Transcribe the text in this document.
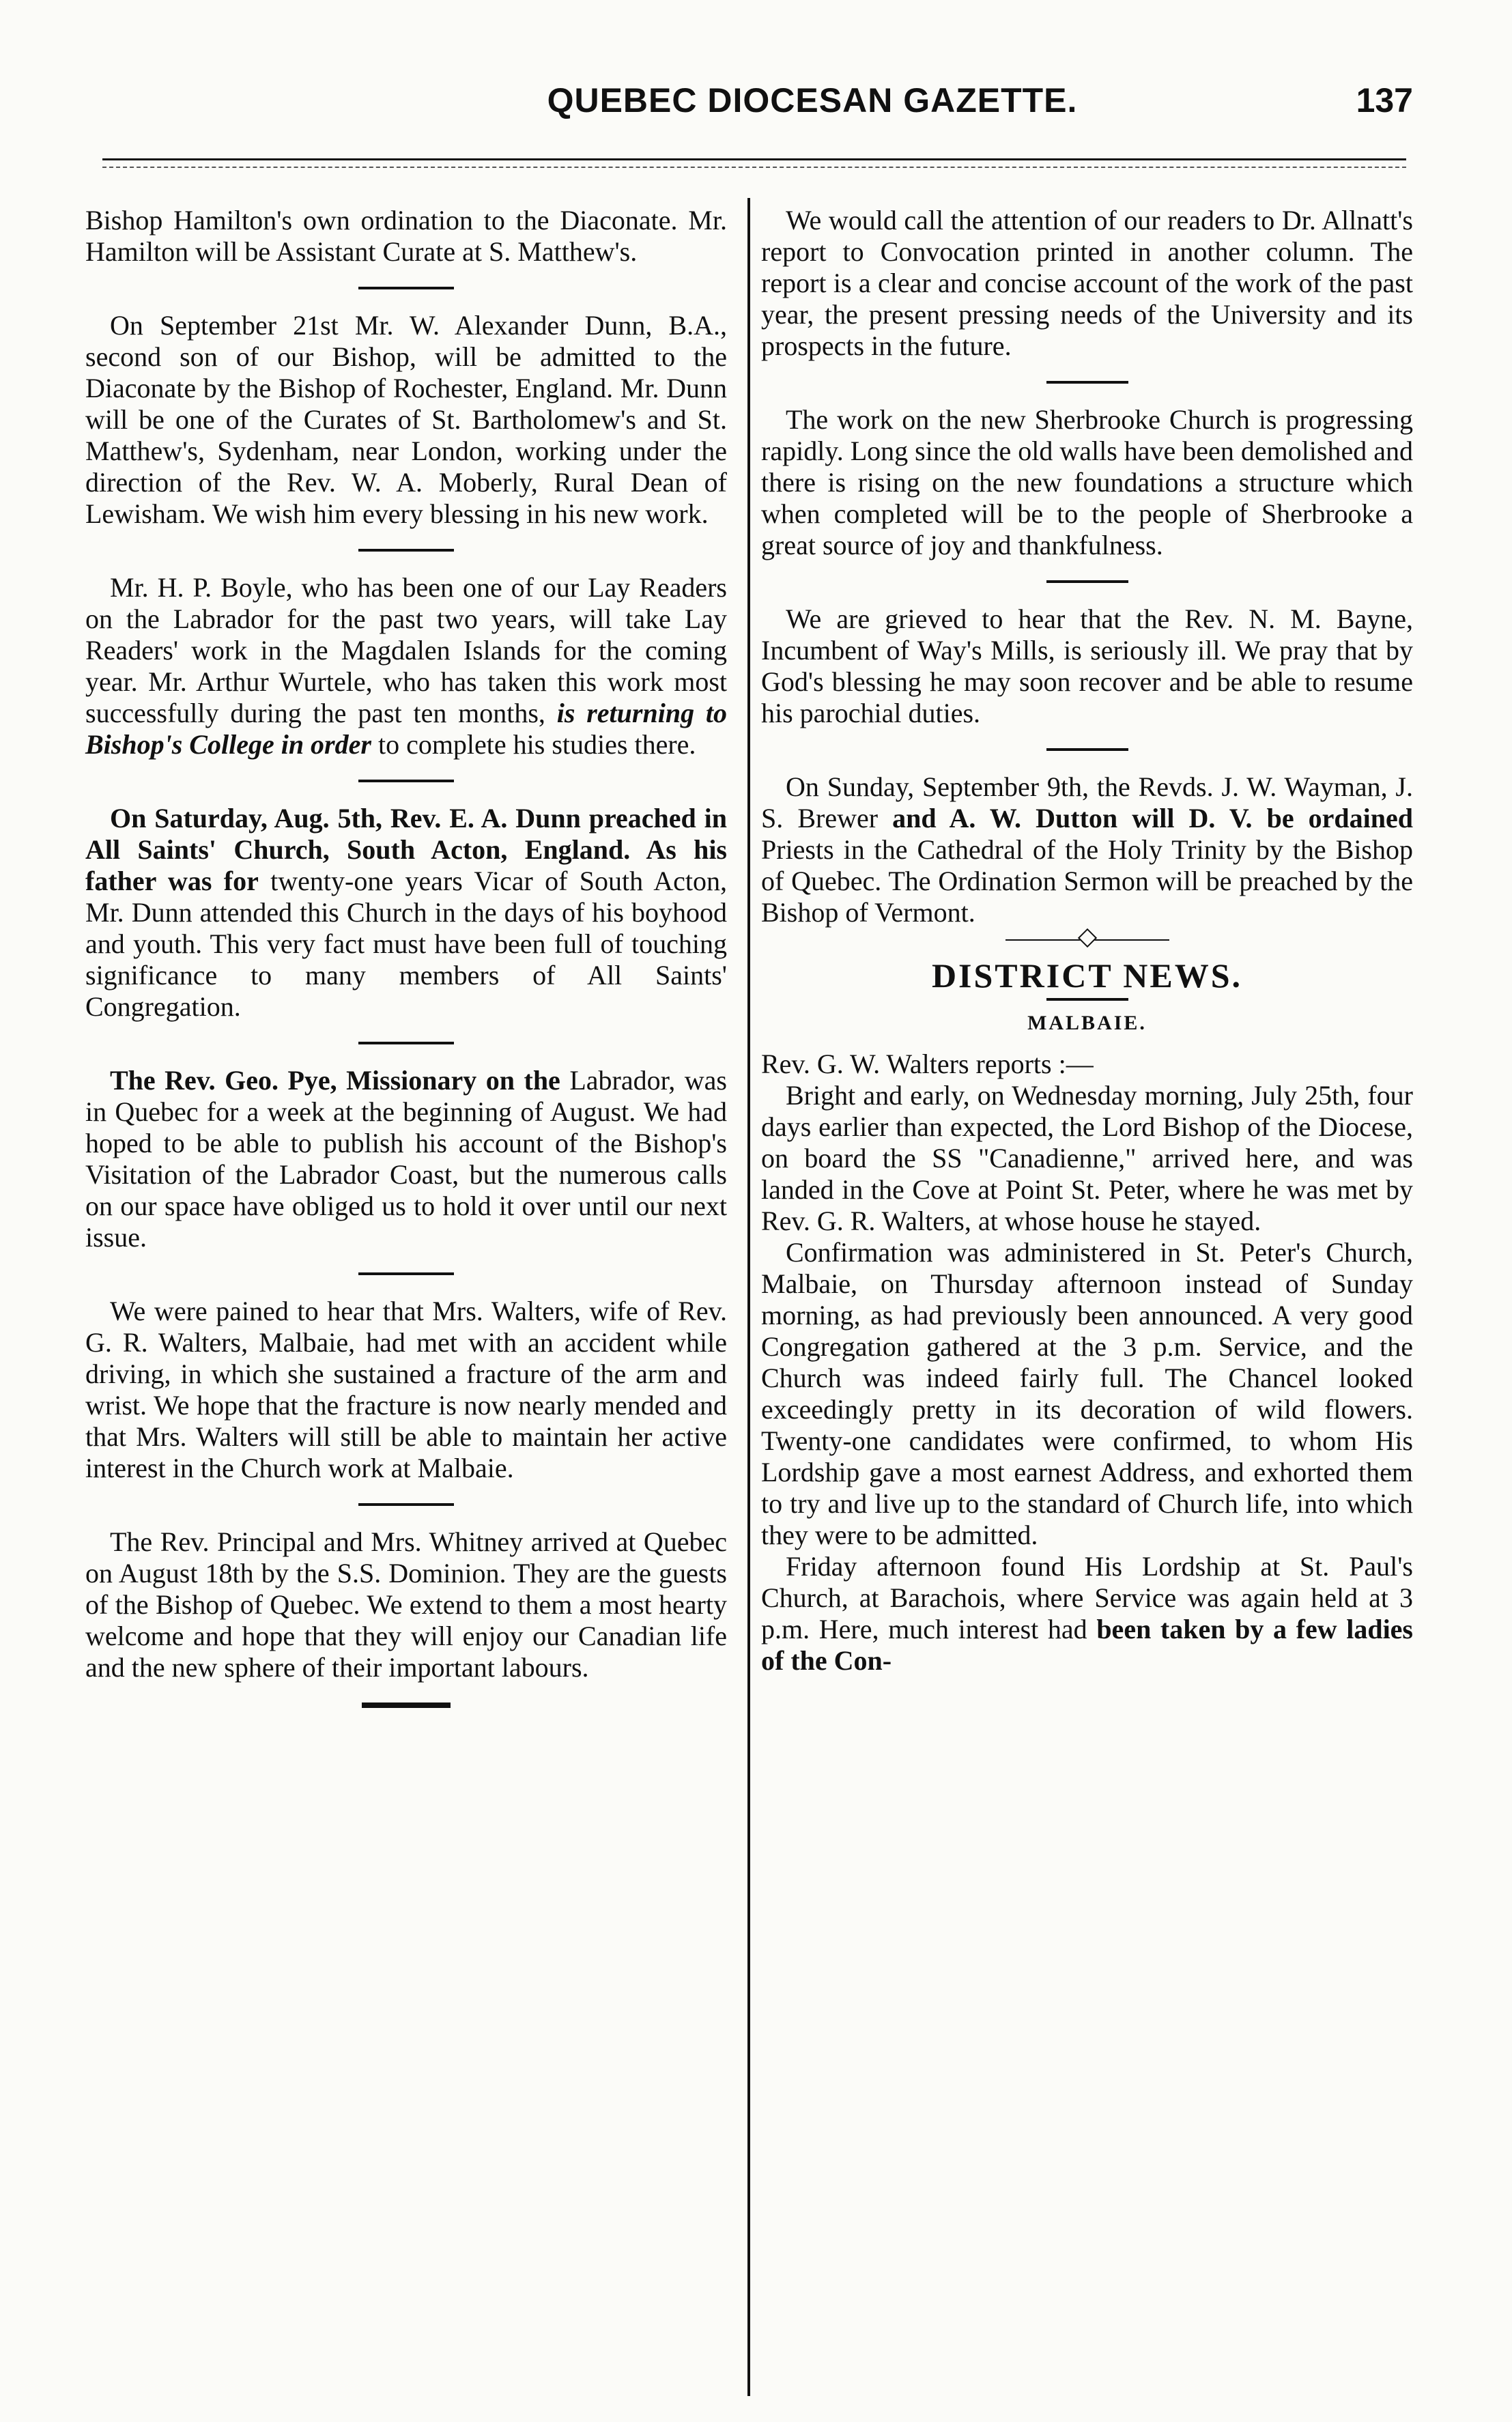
QUEBEC DIOCESAN GAZETTE.	137

Bishop Hamilton's own ordination to the Diaconate. Mr. Hamilton will be Assistant Curate at S. Matthew's.

On September 21st Mr. W. Alexander Dunn, B.A., second son of our Bishop, will be admitted to the Diaconate by the Bishop of Rochester, England. Mr. Dunn will be one of the Curates of St. Bartholomew's and St. Matthew's, Sydenham, near London, working under the direction of the Rev. W. A. Moberly, Rural Dean of Lewisham. We wish him every blessing in his new work.

Mr. H. P. Boyle, who has been one of our Lay Readers on the Labrador for the past two years, will take Lay Readers' work in the Magdalen Islands for the coming year. Mr. Arthur Wurtele, who has taken this work most successfully during the past ten months, is returning to Bishop's College in order to complete his studies there.

On Saturday, Aug. 5th, Rev. E. A. Dunn preached in All Saints' Church, South Acton, England. As his father was for twenty-one years Vicar of South Acton, Mr. Dunn attended this Church in the days of his boyhood and youth. This very fact must have been full of touching significance to many members of All Saints' Congregation.

The Rev. Geo. Pye, Missionary on the Labrador, was in Quebec for a week at the beginning of August. We had hoped to be able to publish his account of the Bishop's Visitation of the Labrador Coast, but the numerous calls on our space have obliged us to hold it over until our next issue.

We were pained to hear that Mrs. Walters, wife of Rev. G. R. Walters, Malbaie, had met with an accident while driving, in which she sustained a fracture of the arm and wrist. We hope that the fracture is now nearly mended and that Mrs. Walters will still be able to maintain her active interest in the Church work at Malbaie.

The Rev. Principal and Mrs. Whitney arrived at Quebec on August 18th by the S.S. Dominion. They are the guests of the Bishop of Quebec. We extend to them a most hearty welcome and hope that they will enjoy our Canadian life and the new sphere of their important labours.

We would call the attention of our readers to Dr. Allnatt's report to Convocation printed in another column. The report is a clear and concise account of the work of the past year, the present pressing needs of the University and its prospects in the future.

The work on the new Sherbrooke Church is progressing rapidly. Long since the old walls have been demolished and there is rising on the new foundations a structure which when completed will be to the people of Sherbrooke a great source of joy and thankfulness.

We are grieved to hear that the Rev. N. M. Bayne, Incumbent of Way's Mills, is seriously ill. We pray that by God's blessing he may soon recover and be able to resume his parochial duties.

On Sunday, September 9th, the Revds. J. W. Wayman, J. S. Brewer and A. W. Dutton will D. V. be ordained Priests in the Cathedral of the Holy Trinity by the Bishop of Quebec. The Ordination Sermon will be preached by the Bishop of Vermont.

DISTRICT NEWS.
MALBAIE.

Rev. G. W. Walters reports :—

Bright and early, on Wednesday morning, July 25th, four days earlier than expected, the Lord Bishop of the Diocese, on board the SS "Canadienne," arrived here, and was landed in the Cove at Point St. Peter, where he was met by Rev. G. R. Walters, at whose house he stayed.

Confirmation was administered in St. Peter's Church, Malbaie, on Thursday afternoon instead of Sunday morning, as had previously been announced. A very good Congregation gathered at the 3 p.m. Service, and the Church was indeed fairly full. The Chancel looked exceedingly pretty in its decoration of wild flowers. Twenty-one candidates were confirmed, to whom His Lordship gave a most earnest Address, and exhorted them to try and live up to the standard of Church life, into which they were to be admitted.

Friday afternoon found His Lordship at St. Paul's Church, at Barachois, where Service was again held at 3 p.m. Here, much interest had been taken by a few ladies of the Con-
